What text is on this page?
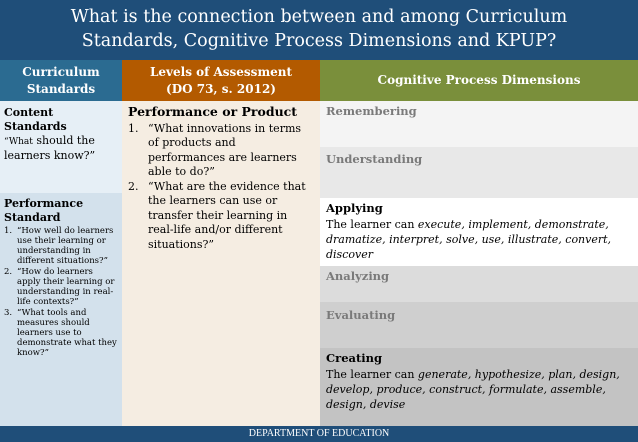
What is the connection between and among Curriculum
Standards, Cognitive Process Dimensions and KPUP?
Curriculum
Standards
Levels of Assessment
(DO 73, s. 2012)
Cognitive Process Dimensions
Content
Standards
“What should the learners know?”
Performance
Standard
1. “How well do learners use their learning or understanding in different situations?”
2. “How do learners apply their learning or understanding in real-life contexts?”
3. “What tools and measures should learners use to demonstrate what they know?”
Performance or Product
1. “What innovations in terms of products and performances are learners able to do?”
2. “What are the evidence that the learners can use or transfer their learning in real-life and/or different situations?”
Remembering
Understanding
Applying
The learner can execute, implement, demonstrate, dramatize, interpret, solve, use, illustrate, convert, discover
Analyzing
Evaluating
Creating
The learner can generate, hypothesize, plan, design, develop, produce, construct, formulate, assemble, design, devise
DEPARTMENT OF EDUCATION
